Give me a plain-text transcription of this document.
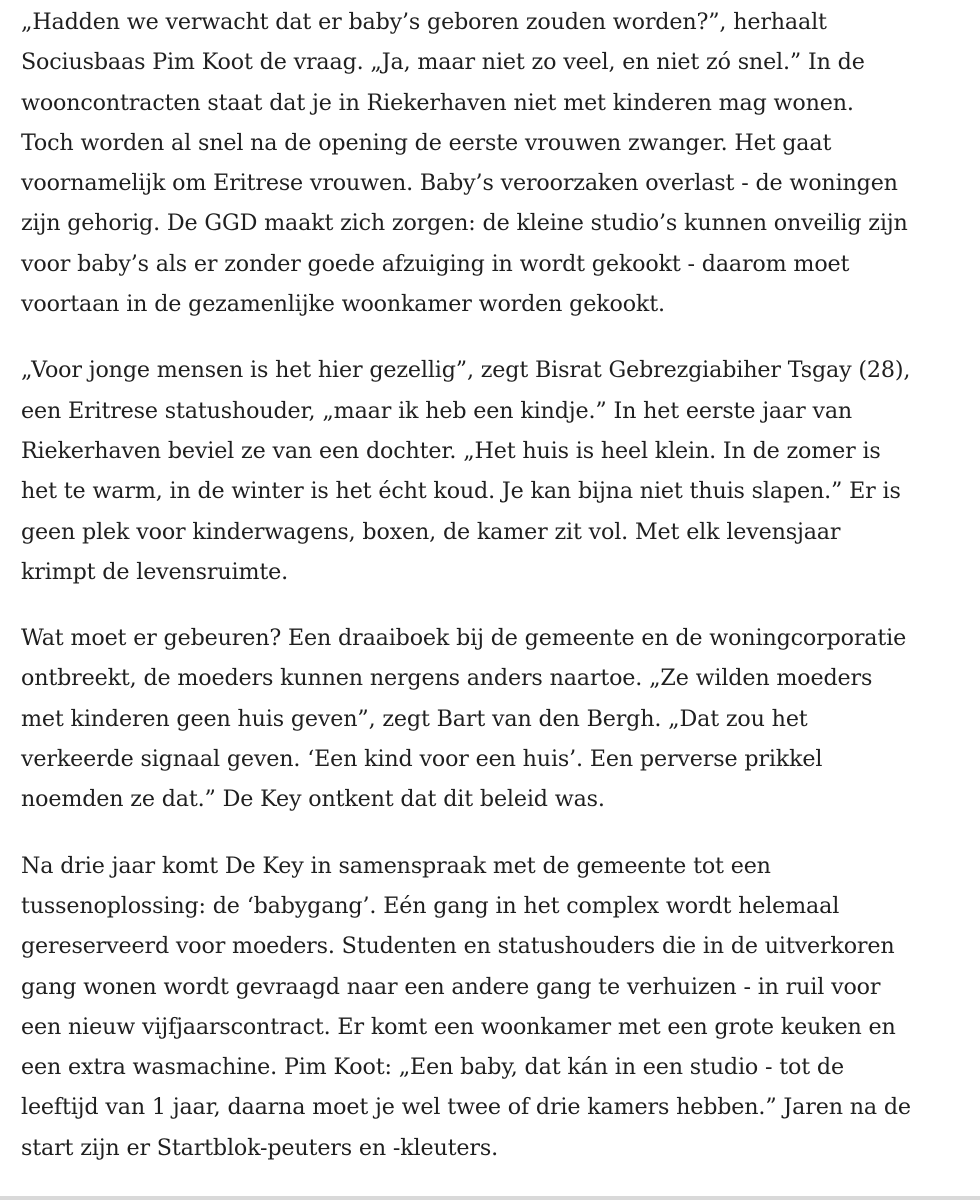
„Hadden we verwacht dat er baby’s geboren zouden worden?”, herhaalt
Sociusbaas Pim Koot de vraag. „Ja, maar niet zo veel, en niet zó snel.” In de
wooncontracten staat dat je in Riekerhaven niet met kinderen mag wonen.
Toch worden al snel na de opening de eerste vrouwen zwanger. Het gaat
voornamelijk om Eritrese vrouwen. Baby’s veroorzaken overlast - de woningen
zijn gehorig. De GGD maakt zich zorgen: de kleine studio’s kunnen onveilig zijn
voor baby’s als er zonder goede afzuiging in wordt gekookt - daarom moet
voortaan in de gezamenlijke woonkamer worden gekookt.

„Voor jonge mensen is het hier gezellig”, zegt Bisrat Gebrezgiabiher Tsgay (28),
een Eritrese statushouder, „maar ik heb een kindje.” In het eerste jaar van
Riekerhaven beviel ze van een dochter. „Het huis is heel klein. In de zomer is
het te warm, in de winter is het écht koud. Je kan bijna niet thuis slapen.” Er is
geen plek voor kinderwagens, boxen, de kamer zit vol. Met elk levensjaar
krimpt de levensruimte.

Wat moet er gebeuren? Een draaiboek bij de gemeente en de woningcorporatie
ontbreekt, de moeders kunnen nergens anders naartoe. „Ze wilden moeders
met kinderen geen huis geven”, zegt Bart van den Bergh. „Dat zou het
verkeerde signaal geven. ‘Een kind voor een huis’. Een perverse prikkel
noemden ze dat.” De Key ontkent dat dit beleid was.

Na drie jaar komt De Key in samenspraak met de gemeente tot een
tussenoplossing: de ‘babygang’. Eén gang in het complex wordt helemaal
gereserveerd voor moeders. Studenten en statushouders die in de uitverkoren
gang wonen wordt gevraagd naar een andere gang te verhuizen - in ruil voor
een nieuw vijfjaarscontract. Er komt een woonkamer met een grote keuken en
een extra wasmachine. Pim Koot: „Een baby, dat kán in een studio - tot de
leeftijd van 1 jaar, daarna moet je wel twee of drie kamers hebben.” Jaren na de
start zijn er Startblok-peuters en -kleuters.
